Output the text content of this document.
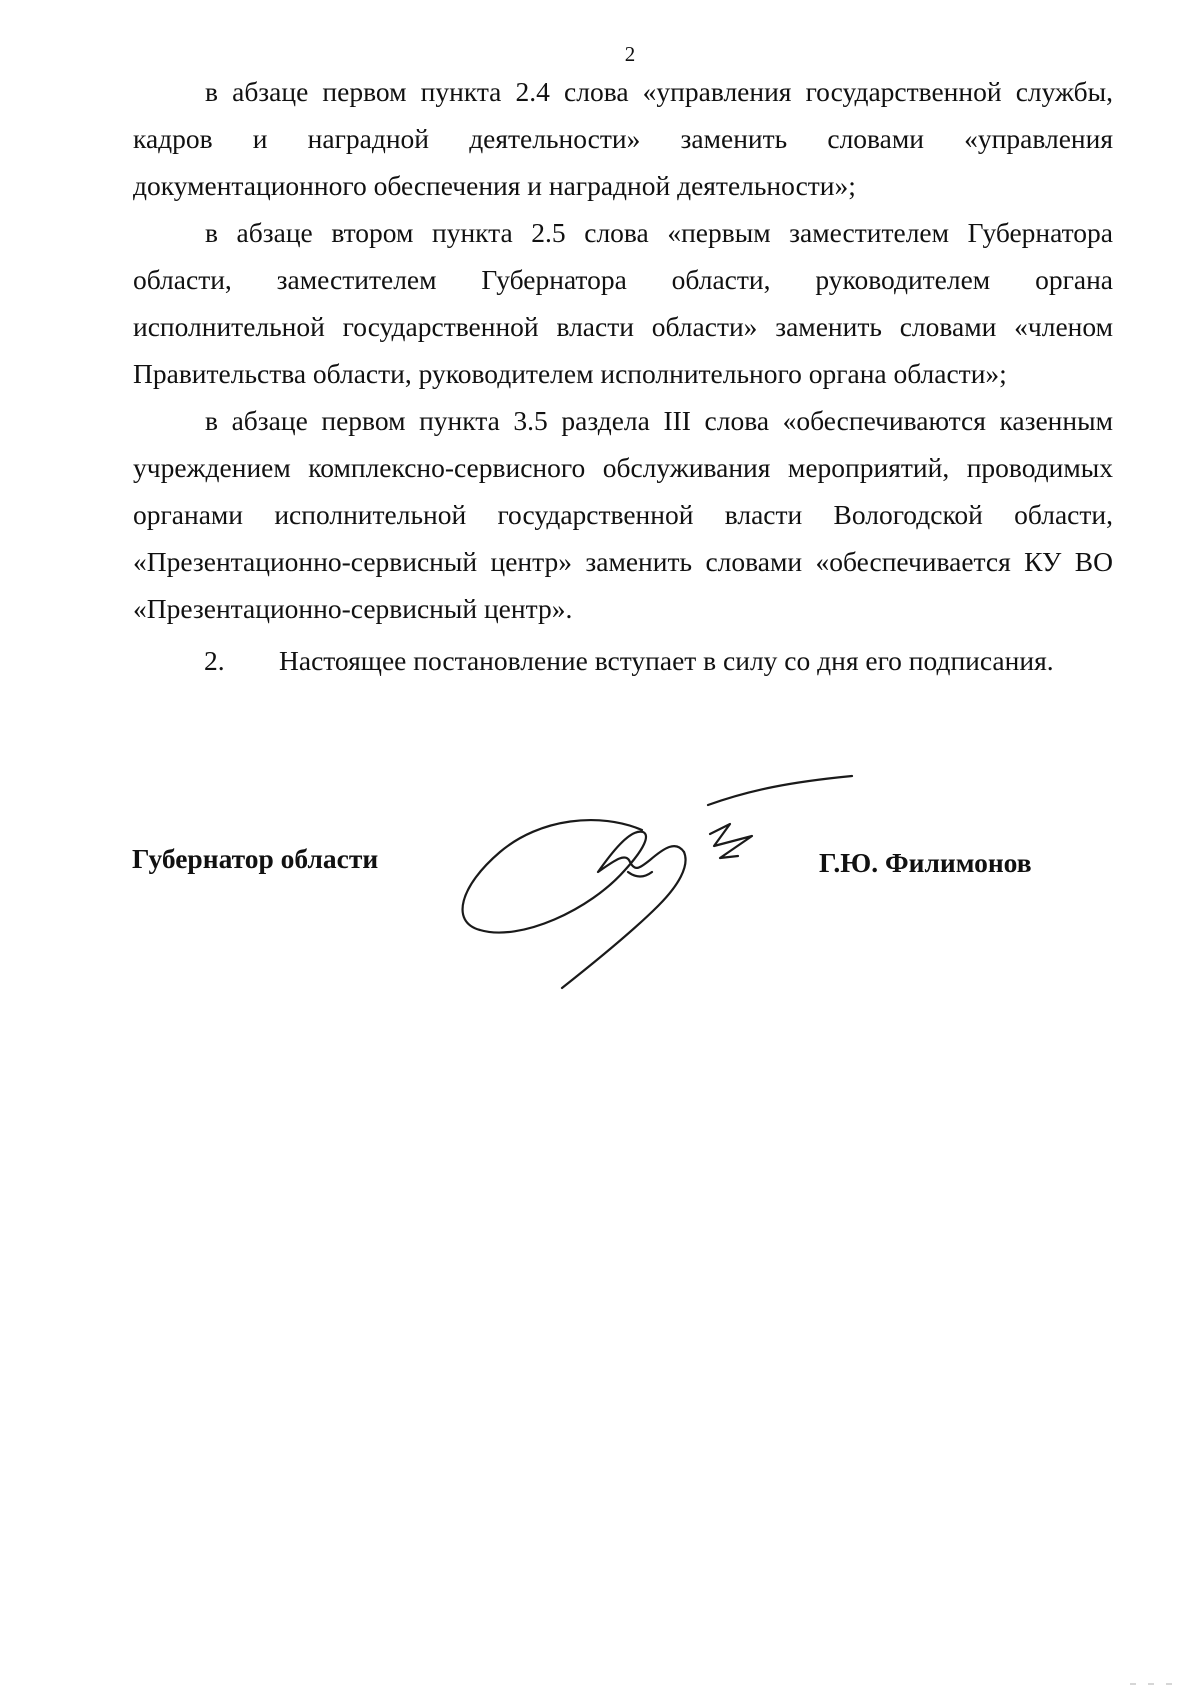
2

в абзаце первом пункта 2.4 слова «управления государственной службы, кадров и наградной деятельности» заменить словами «управления документационного обеспечения и наградной деятельности»;

в абзаце втором пункта 2.5 слова «первым заместителем Губернатора области, заместителем Губернатора области, руководителем органа исполнительной государственной власти области» заменить словами «членом Правительства области, руководителем исполнительного органа области»;

в абзаце первом пункта 3.5 раздела III слова «обеспечиваются казенным учреждением комплексно-сервисного обслуживания мероприятий, проводимых органами исполнительной государственной власти Вологодской области, «Презентационно-сервисный центр» заменить словами «обеспечивается КУ ВО «Презентационно-сервисный центр».

2. Настоящее постановление вступает в силу со дня его подписания.

Губернатор области	Г.Ю. Филимонов
